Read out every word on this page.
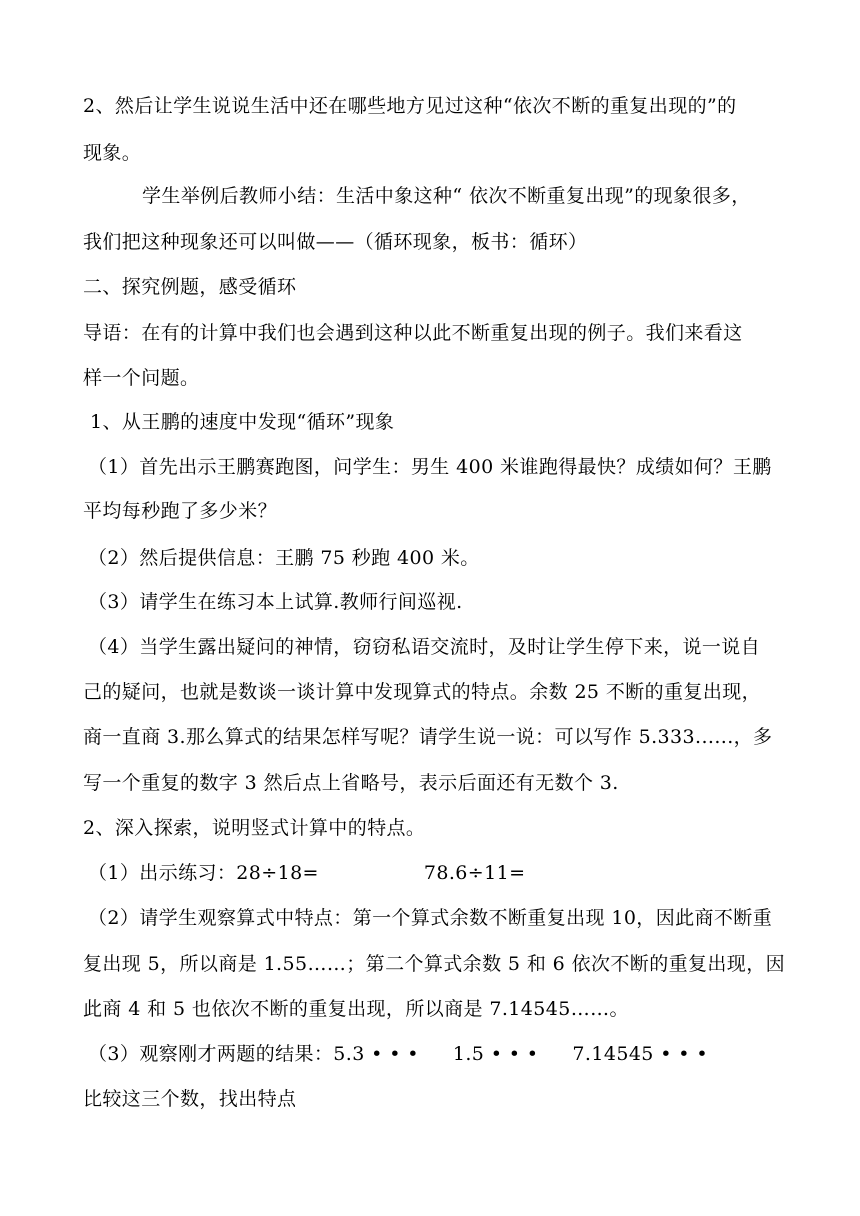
2、然后让学生说说生活中还在哪些地方见过这种“依次不断的重复出现的”的
现象。
学生举例后教师小结：生活中象这种“ 依次不断重复出现”的现象很多，
我们把这种现象还可以叫做——（循环现象，板书：循环）
二、探究例题，感受循环
导语：在有的计算中我们也会遇到这种以此不断重复出现的例子。我们来看这
样一个问题。
1、从王鹏的速度中发现“循环”现象
（1）首先出示王鹏赛跑图，问学生：男生 400 米谁跑得最快？成绩如何？王鹏
平均每秒跑了多少米？
（2）然后提供信息：王鹏 75 秒跑 400 米。
（3）请学生在练习本上试算.教师行间巡视.
（4）当学生露出疑问的神情，窃窃私语交流时，及时让学生停下来，说一说自
己的疑问，也就是数谈一谈计算中发现算式的特点。余数 25 不断的重复出现，
商一直商 3.那么算式的结果怎样写呢？请学生说一说：可以写作 5.333......，多
写一个重复的数字 3 然后点上省略号，表示后面还有无数个 3.
2、深入探索，说明竖式计算中的特点。
（1）出示练习：28÷18=	78.6÷11=
（2）请学生观察算式中特点：第一个算式余数不断重复出现 10，因此商不断重
复出现 5，所以商是 1.55……；第二个算式余数 5 和 6 依次不断的重复出现，因
此商 4 和 5 也依次不断的重复出现，所以商是 7.14545……。
（3）观察刚才两题的结果：5.3 • • • 1.5 • • • 7.14545 • • •
比较这三个数，找出特点
